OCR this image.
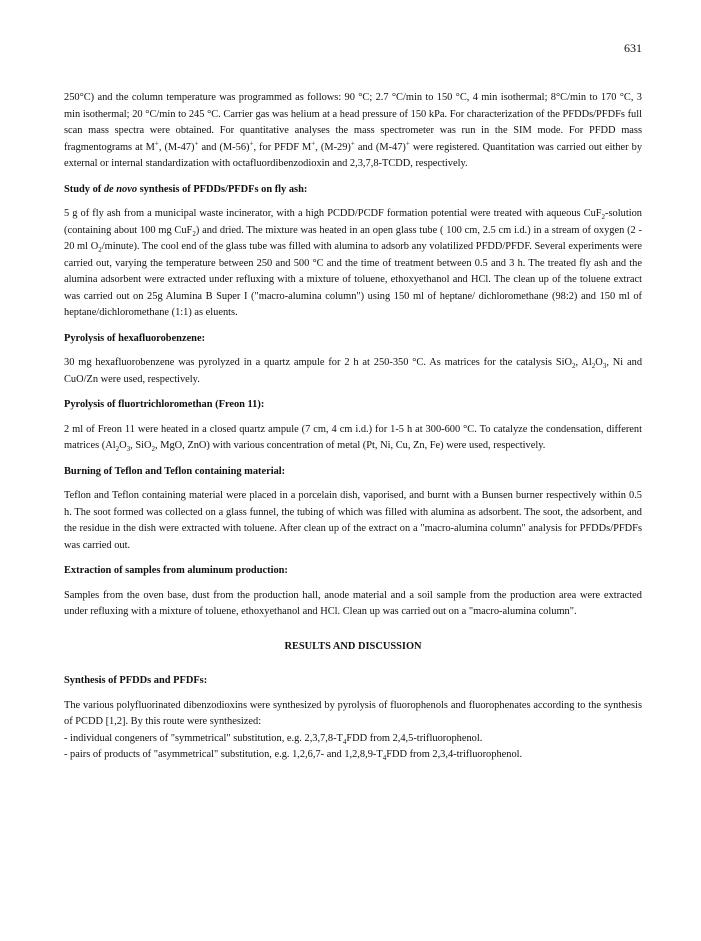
631
250°C) and the column temperature was programmed as follows: 90 °C; 2.7 °C/min to 150 °C, 4 min isothermal; 8°C/min to 170 °C, 3 min isothermal; 20 °C/min to 245 °C. Carrier gas was helium at a head pressure of 150 kPa. For characterization of the PFDDs/PFDFs full scan mass spectra were obtained. For quantitative analyses the mass spectrometer was run in the SIM mode. For PFDD mass fragmentograms at M+, (M-47)+ and (M-56)+, for PFDF M+, (M-29)+ and (M-47)+ were registered. Quantitation was carried out either by external or internal standardization with octafluordibenzodioxin and 2,3,7,8-TCDD, respectively.
Study of de novo synthesis of PFDDs/PFDFs on fly ash:
5 g of fly ash from a municipal waste incinerator, with a high PCDD/PCDF formation potential were treated with aqueous CuF$_2$-solution (containing about 100 mg CuF$_2$) and dried. The mixture was heated in an open glass tube ( 100 cm, 2.5 cm i.d.) in a stream of oxygen (2 - 20 ml $O_2/minute$). The cool end of the glass tube was filled with alumina to adsorb any volatilized PFDD/PFDF. Several experiments were carried out, varying the temperature between 250 and 500 °C and the time of treatment between 0.5 and 3 h. The treated fly ash and the alumina adsorbent were extracted under refluxing with a mixture of toluene, ethoxyethanol and HCl. The clean up of the toluene extract was carried out on 25g Alumina B Super I ("macro-alumina column") using 150 ml of heptane/ dichloromethane (98:2) and 150 ml of heptane/dichloromethane (1:1) as eluents.
Pyrolysis of hexafluorobenzene:
30 mg hexafluorobenzene was pyrolyzed in a quartz ampule for 2 h at 250-350 °C. As matrices for the catalysis SiO$_2$, $Al_2O_3$, Ni and CuO/Zn were used, respectively.
Pyrolysis of fluortrichloromethan (Freon 11):
2 ml of Freon 11 were heated in a closed quartz ampule (7 cm, 4 cm i.d.) for 1-5 h at 300-600 °C. To catalyze the condensation, different matrices ($Al_2O_3$, SiO$_2$, MgO, ZnO) with various concentration of metal (Pt, Ni, Cu, Zn, Fe) were used, respectively.
Burning of Teflon and Teflon containing material:
Teflon and Teflon containing material were placed in a porcelain dish, vaporised, and burnt with a Bunsen burner respectively within 0.5 h. The soot formed was collected on a glass funnel, the tubing of which was filled with alumina as adsorbent. The soot, the adsorbent, and the residue in the dish were extracted with toluene. After clean up of the extract on a "macro-alumina column" analysis for PFDDs/PFDFs was carried out.
Extraction of samples from aluminum production:
Samples from the oven base, dust from the production hall, anode material and a soil sample from the production area were extracted under refluxing with a mixture of toluene, ethoxyethanol and HCl. Clean up was carried out on a "macro-alumina column".
RESULTS AND DISCUSSION
Synthesis of PFDDs and PFDFs:
The various polyfluorinated dibenzodioxins were synthesized by pyrolysis of fluorophenols and fluorophenates according to the synthesis of PCDD [1,2]. By this route were synthesized:
- individual congeners of "symmetrical" substitution, e.g. $2,3,7,8-T_4FDD$ from 2,4,5-trifluorophenol.
- pairs of products of "asymmetrical" substitution, e.g. 1,2,6,7- and $1,2,8,9-T_4FDD$ from 2,3,4-trifluorophenol.
